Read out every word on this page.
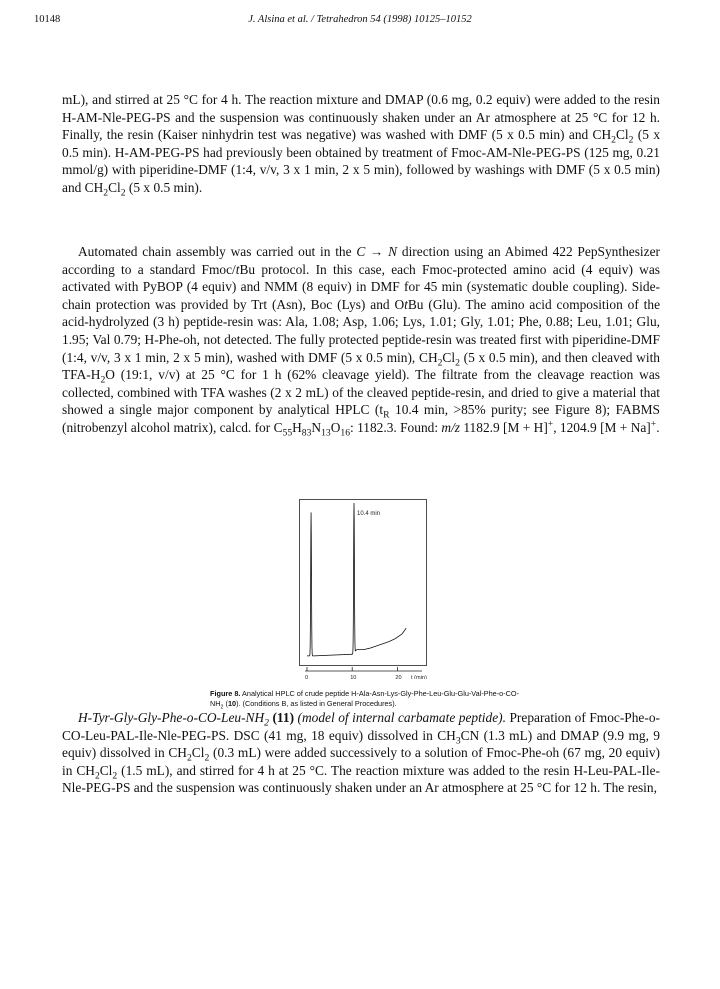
10148	J. Alsina et al. / Tetrahedron 54 (1998) 10125–10152

mL), and stirred at 25 °C for 4 h. The reaction mixture and DMAP (0.6 mg, 0.2 equiv) were added to the resin H-AM-Nle-PEG-PS and the suspension was continuously shaken under an Ar atmosphere at 25 °C for 12 h. Finally, the resin (Kaiser ninhydrin test was negative) was washed with DMF (5 x 0.5 min) and $CH_2Cl_2$ (5 x 0.5 min). H-AM-PEG-PS had previously been obtained by treatment of Fmoc-AM-Nle-PEG-PS (125 mg, 0.21 mmol/g) with piperidine-DMF (1:4, v/v, 3 x 1 min, 2 x 5 min), followed by washings with DMF (5 x 0.5 min) and $CH_2Cl_2$ (5 x 0.5 min).

Automated chain assembly was carried out in the C → N direction using an Abimed 422 PepSynthesizer according to a standard Fmoc/tBu protocol. In this case, each Fmoc-protected amino acid (4 equiv) was activated with PyBOP (4 equiv) and NMM (8 equiv) in DMF for 45 min (systematic double coupling). Side-chain protection was provided by Trt (Asn), Boc (Lys) and OtBu (Glu). The amino acid composition of the acid-hydrolyzed (3 h) peptide-resin was: Ala, 1.08; Asp, 1.06; Lys, 1.01; Gly, 1.01; Phe, 0.88; Leu, 1.01; Glu, 1.95; Val 0.79; H-Phe-oh, not detected. The fully protected peptide-resin was treated first with piperidine-DMF (1:4, v/v, 3 x 1 min, 2 x 5 min), washed with DMF (5 x 0.5 min), $CH_2Cl_2$ (5 x 0.5 min), and then cleaved with TFA-$H_2O$ (19:1, v/v) at 25 °C for 1 h (62% cleavage yield). The filtrate from the cleavage reaction was collected, combined with TFA washes (2 x 2 mL) of the cleaved peptide-resin, and dried to give a material that showed a single major component by analytical HPLC ($t_R$ 10.4 min, >85% purity; see Figure 8); FABMS (nitrobenzyl alcohol matrix), calcd. for $C_{55}H_{83}N_{13}O_{16}$: 1182.3. Found: m/z 1182.9 [M + H]+, 1204.9 [M + Na]+.

10.4 min
0	10	20 t (min)
Figure 8. Analytical HPLC of crude peptide $H-Ala-Asn-Lys-Gly-Phe-Leu-Glu-Glu-Val-Phe-o-CO-NH_2$ (10). (Conditions B, as listed in General Procedures).

$H-Tyr-Gly-Gly-Phe-o-CO-Leu-NH_2$ (11) (model of internal carbamate peptide). Preparation of Fmoc-Phe-o-CO-Leu-PAL-Ile-Nle-PEG-PS. DSC (41 mg, 18 equiv) dissolved in $CH_3CN$ (1.3 mL) and DMAP (9.9 mg, 9 equiv) dissolved in $CH_2Cl_2$ (0.3 mL) were added successively to a solution of Fmoc-Phe-oh (67 mg, 20 equiv) in $CH_2Cl_2$ (1.5 mL), and stirred for 4 h at 25 °C. The reaction mixture was added to the resin H-Leu-PAL-Ile-Nle-PEG-PS and the suspension was continuously shaken under an Ar atmosphere at 25 °C for 12 h. The resin,
